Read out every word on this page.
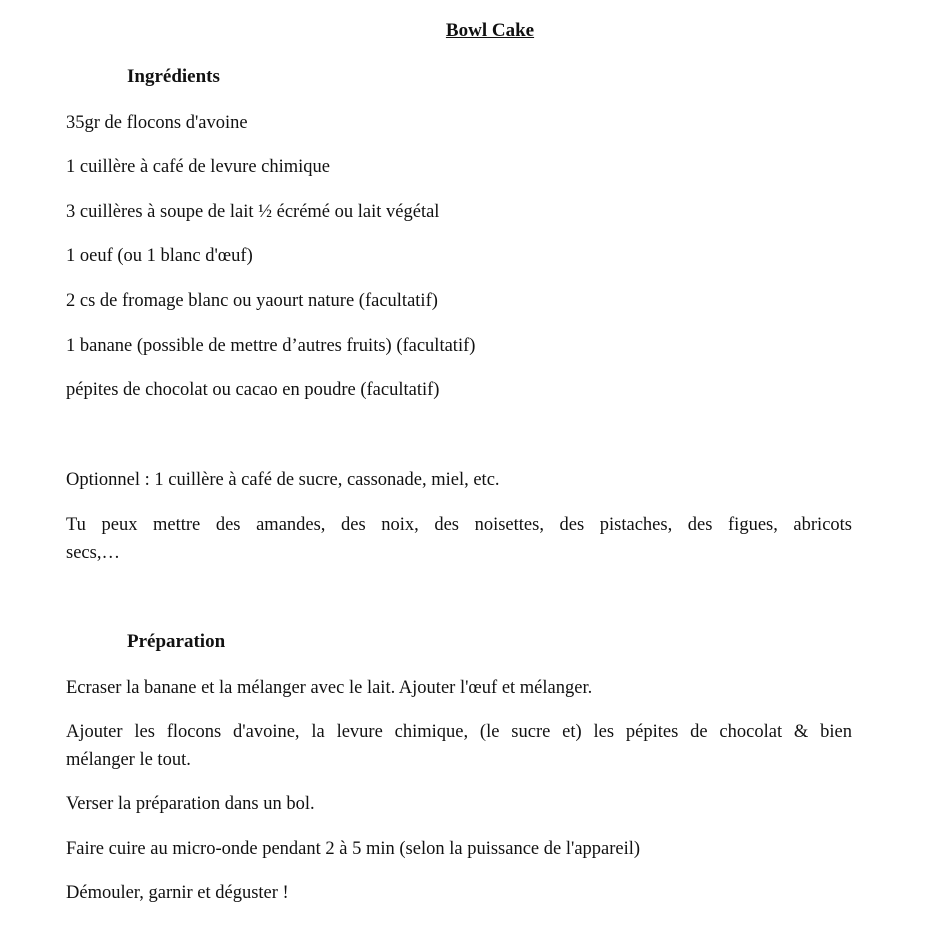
Bowl Cake
Ingrédients
35gr de flocons d'avoine
1 cuillère à café de levure chimique
3 cuillères à soupe de lait ½ écrémé ou lait végétal
1 oeuf (ou 1 blanc d'œuf)
2 cs de fromage blanc ou yaourt nature (facultatif)
1 banane (possible de mettre d’autres fruits) (facultatif)
pépites de chocolat ou cacao en poudre (facultatif)
Optionnel : 1 cuillère à café de sucre, cassonade, miel, etc.
Tu peux mettre des amandes, des noix, des noisettes, des pistaches, des figues, abricots
secs,…
Préparation
Ecraser la banane et la mélanger avec le lait. Ajouter l'œuf et mélanger.
Ajouter les flocons d'avoine, la levure chimique, (le sucre et) les pépites de chocolat & bien
mélanger le tout.
Verser la préparation dans un bol.
Faire cuire au micro-onde pendant 2 à 5 min (selon la puissance de l'appareil)
Démouler, garnir et déguster !
